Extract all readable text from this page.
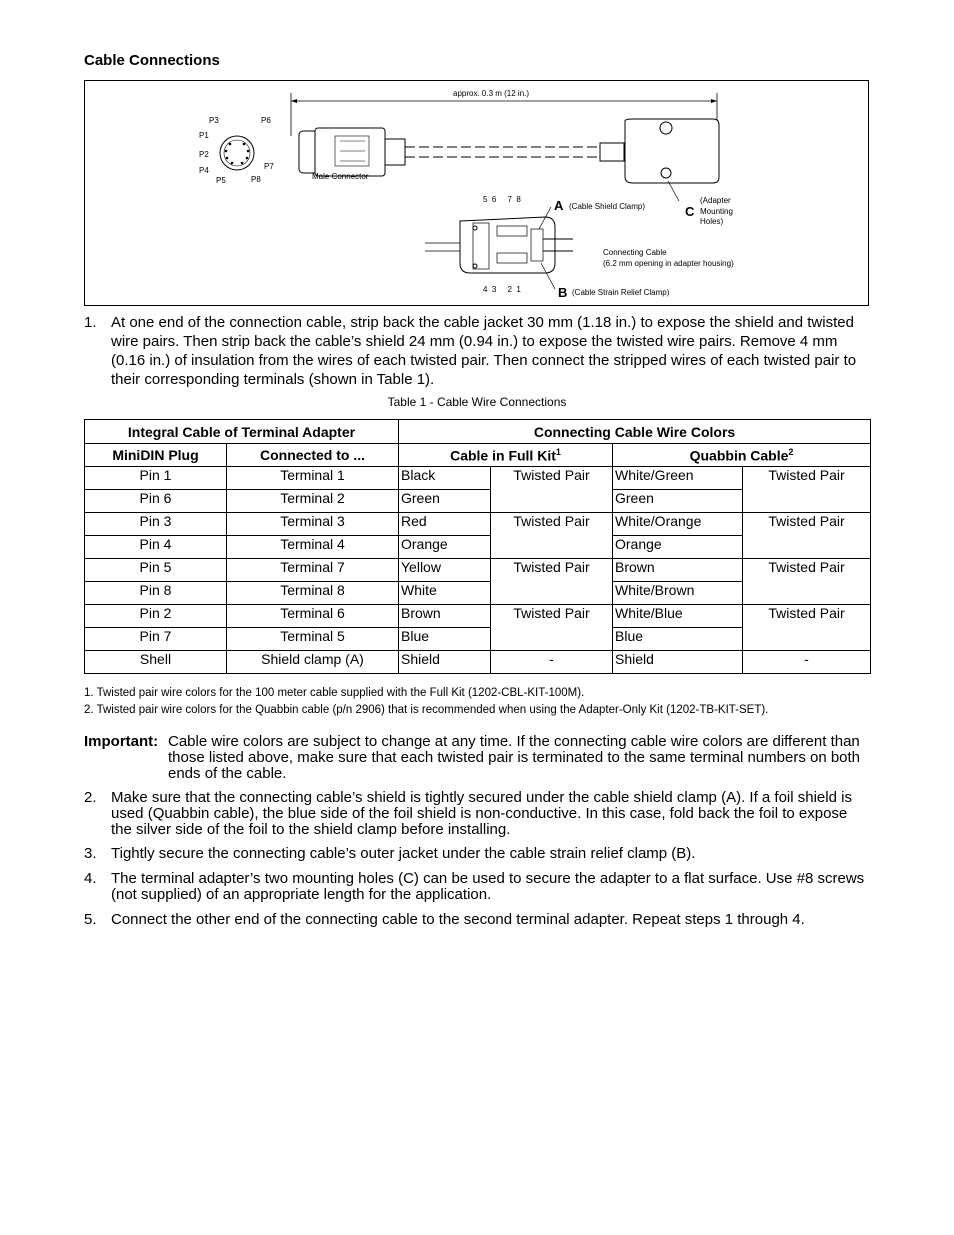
Cable Connections
approx. 0.3 m (12 in.)
P3	P6
P1
P2
P7
P4
P5	P8	Male Connector
5  6     7  8	A (Cable Shield Clamp)	C
(Adapter
Mounting
Holes)
Connecting Cable
(6.2 mm opening in adapter housing)
4  3     2  1	B (Cable Strain Relief Clamp)
1. At one end of the connection cable, strip back the cable jacket 30 mm (1.18 in.) to expose the shield and twisted wire pairs. Then strip back the cable’s shield 24 mm (0.94 in.) to expose the twisted wire pairs. Remove 4 mm (0.16 in.) of insulation from the wires of each twisted pair. Then connect the stripped wires of each twisted pair to their corresponding terminals (shown in Table 1).
Table 1 - Cable Wire Connections
Integral Cable of Terminal Adapter		Connecting Cable Wire Colors			
MiniDIN Plug	Connected to ...	Cable in Full Kit$^1$		Quabbin Cable$^2$
Pin 1	Terminal 1	Black	Twisted Pair	White/Green	Twisted Pair
Pin 6	Terminal 2	Green		Green	
Pin 3	Terminal 3	Red	Twisted Pair	White/Orange	Twisted Pair
Pin 4	Terminal 4	Orange		Orange	
Pin 5	Terminal 7	Yellow	Twisted Pair	Brown	Twisted Pair
Pin 8	Terminal 8	White		White/Brown	
Pin 2	Terminal 6	Brown	Twisted Pair	White/Blue	Twisted Pair
Pin 7	Terminal 5	Blue		Blue	
Shell	Shield clamp (A)	Shield	-	Shield	-
1. Twisted pair wire colors for the 100 meter cable supplied with the Full Kit (1202-CBL-KIT-100M).
2. Twisted pair wire colors for the Quabbin cable (p/n 2906) that is recommended when using the Adapter-Only Kit (1202-TB-KIT-SET).
Important: Cable wire colors are subject to change at any time. If the connecting cable wire colors are different than those listed above, make sure that each twisted pair is terminated to the same terminal numbers on both ends of the cable.
2. Make sure that the connecting cable’s shield is tightly secured under the cable shield clamp (A). If a foil shield is used (Quabbin cable), the blue side of the foil shield is non-conductive. In this case, fold back the foil to expose the silver side of the foil to the shield clamp before installing.
3. Tightly secure the connecting cable’s outer jacket under the cable strain relief clamp (B).
4. The terminal adapter’s two mounting holes (C) can be used to secure the adapter to a flat surface. Use #8 screws (not supplied) of an appropriate length for the application.
5. Connect the other end of the connecting cable to the second terminal adapter. Repeat steps 1 through 4.
